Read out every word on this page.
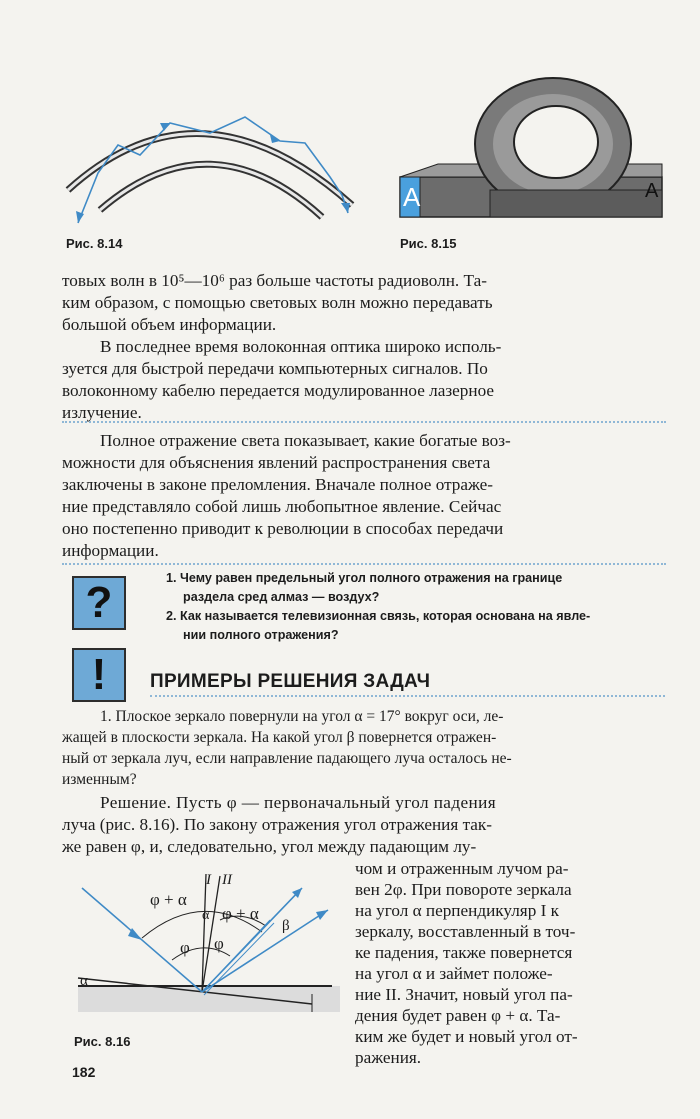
Рис. 8.14
A	A
Рис. 8.15
товых волн в 10⁵—10⁶ раз больше частоты радиоволн. Та-
ким образом, с помощью световых волн можно передавать
большой объем информации.
В последнее время волоконная оптика широко исполь-
зуется для быстрой передачи компьютерных сигналов. По
волоконному кабелю передается модулированное лазерное
излучение.
Полное отражение света показывает, какие богатые воз-
можности для объяснения явлений распространения света
заключены в законе преломления. Вначале полное отраже-
ние представляло собой лишь любопытное явление. Сейчас
оно постепенно приводит к революции в способах передачи
информации.
?	1. Чему равен предельный угол полного отражения на границе
раздела сред алмаз — воздух?
2. Как называется телевизионная связь, которая основана на явле-
нии полного отражения?
!	ПРИМЕРЫ РЕШЕНИЯ ЗАДАЧ
1. Плоское зеркало повернули на угол α = 17° вокруг оси, ле-
жащей в плоскости зеркала. На какой угол β повернется отражен-
ный от зеркала луч, если направление падающего луча осталось не-
изменным?
Решение. Пусть φ — первоначальный угол падения
луча (рис. 8.16). По закону отражения угол отражения так-
же равен φ, и, следовательно, угол между падающим лу-
чом и отраженным лучом ра-
вен 2φ. При повороте зеркала
на угол α перпендикуляр I к
зеркалу, восставленный в точ-
ке падения, также повернется
на угол α и займет положе-
ние II. Значит, новый угол па-
дения будет равен φ + α. Та-
ким же будет и новый угол от-
ражения.
φ + α
φ + α
I II
α
φ φ
β
α
Рис. 8.16
182
